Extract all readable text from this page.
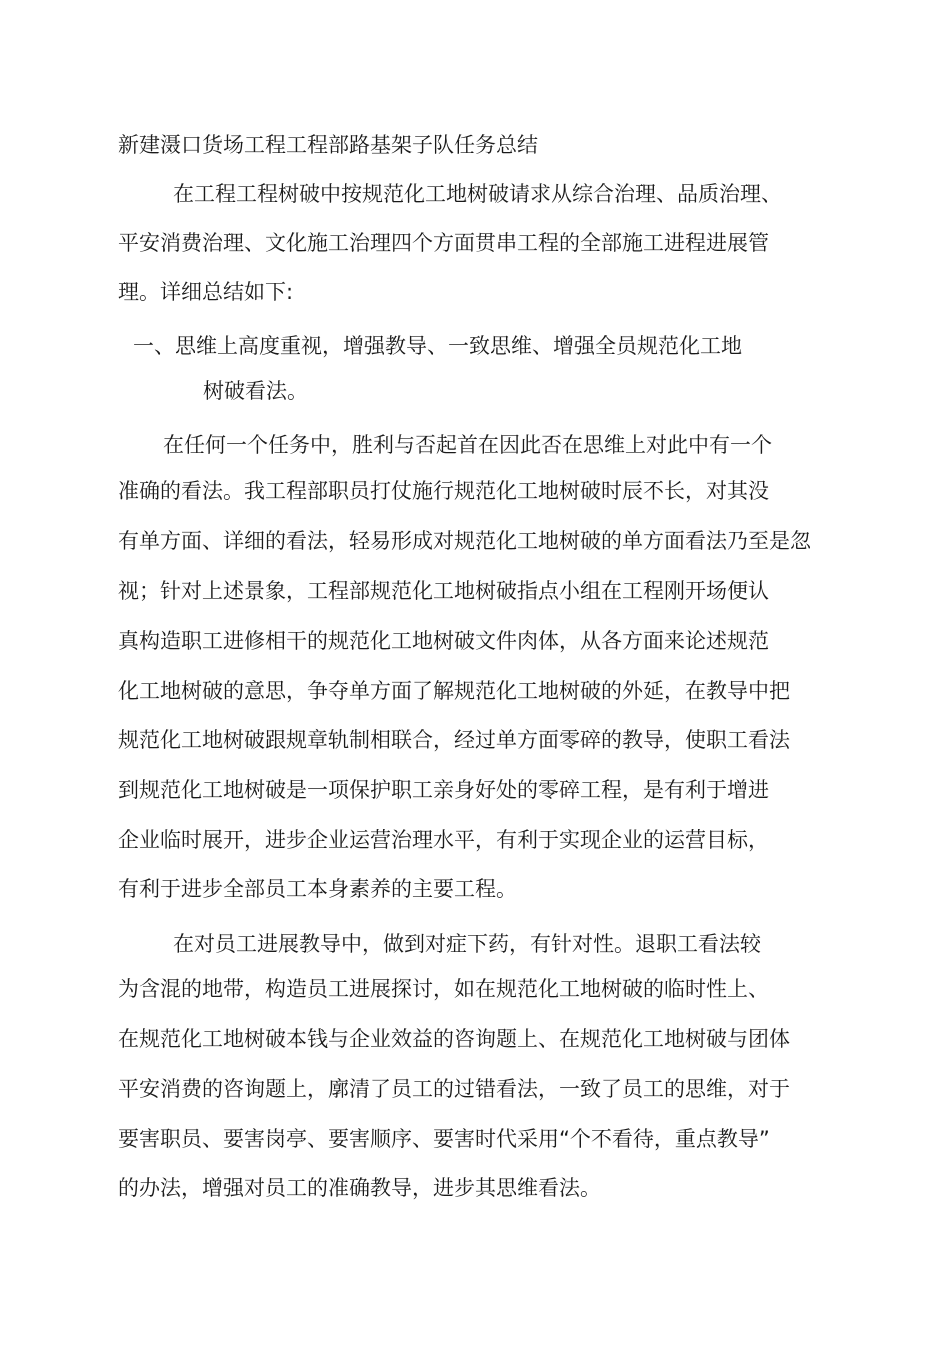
新建滠口货场工程工程部路基架子队任务总结
在工程工程树破中按规范化工地树破请求从综合治理、品质治理、
平安消费治理、文化施工治理四个方面贯串工程的全部施工进程进展管
理。详细总结如下:
一、思维上高度重视，增强教导、一致思维、增强全员规范化工地
树破看法。
在任何一个任务中，胜利与否起首在因此否在思维上对此中有一个
准确的看法。我工程部职员打仗施行规范化工地树破时辰不长，对其没
有单方面、详细的看法，轻易形成对规范化工地树破的单方面看法乃至是忽
视；针对上述景象，工程部规范化工地树破指点小组在工程刚开场便认
真构造职工进修相干的规范化工地树破文件肉体，从各方面来论述规范
化工地树破的意思，争夺单方面了解规范化工地树破的外延，在教导中把
规范化工地树破跟规章轨制相联合，经过单方面零碎的教导，使职工看法
到规范化工地树破是一项保护职工亲身好处的零碎工程，是有利于增进
企业临时展开，进步企业运营治理水平，有利于实现企业的运营目标，
有利于进步全部员工本身素养的主要工程。
在对员工进展教导中，做到对症下药，有针对性。退职工看法较
为含混的地带，构造员工进展探讨，如在规范化工地树破的临时性上、
在规范化工地树破本钱与企业效益的咨询题上、在规范化工地树破与团体
平安消费的咨询题上，廓清了员工的过错看法，一致了员工的思维，对于
要害职员、要害岗亭、要害顺序、要害时代采用“个不看待，重点教导”
的办法，增强对员工的准确教导，进步其思维看法。
